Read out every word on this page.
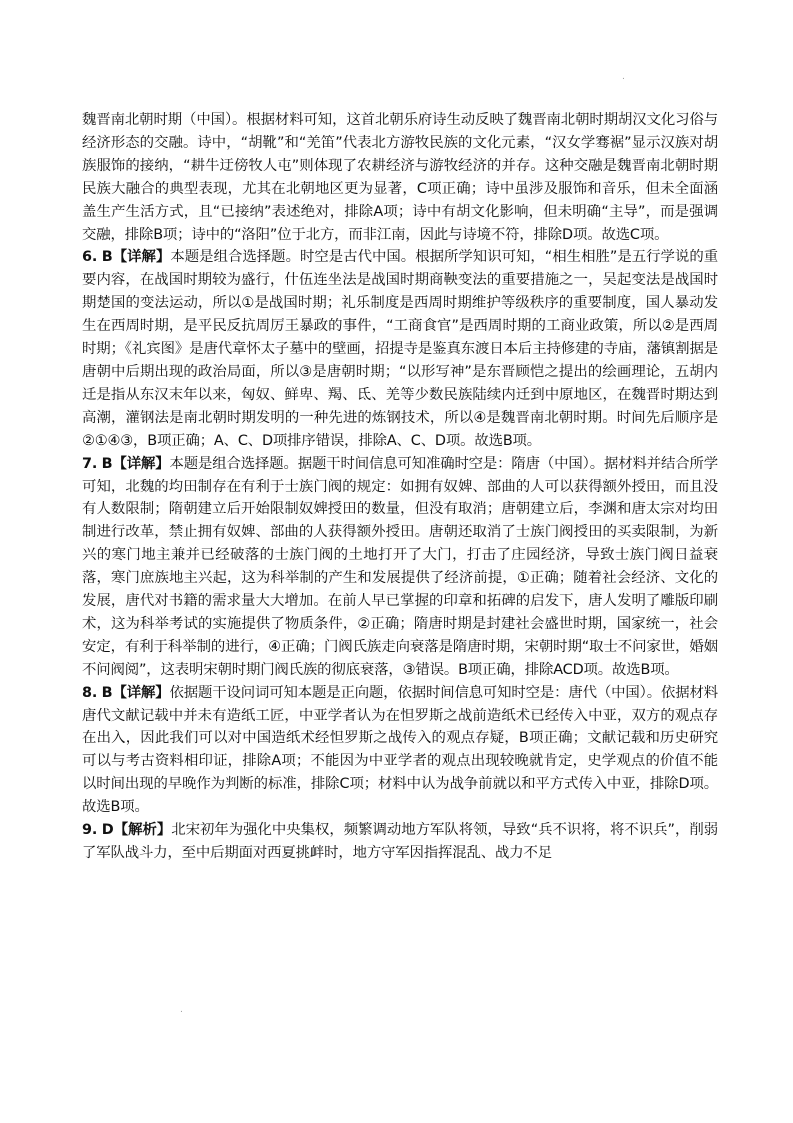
.
.

魏晋南北朝时期（中国）。根据材料可知，这首北朝乐府诗生动反映了魏晋南北朝时期胡汉文化习俗与经济形态的交融。诗中，“胡靴”和“羌笛”代表北方游牧民族的文化元素，“汉女学骞裾”显示汉族对胡族服饰的接纳，“耕牛迂傍牧人屯”则体现了农耕经济与游牧经济的并存。这种交融是魏晋南北朝时期民族大融合的典型表现，尤其在北朝地区更为显著，C项正确；诗中虽涉及服饰和音乐，但未全面涵盖生产生活方式，且“已接纳”表述绝对，排除A项；诗中有胡文化影响，但未明确“主导”，而是强调交融，排除B项；诗中的“洛阳”位于北方，而非江南，因此与诗境不符，排除D项。故选C项。

6. B【详解】本题是组合选择题。时空是古代中国。根据所学知识可知，“相生相胜”是五行学说的重要内容，在战国时期较为盛行，什伍连坐法是战国时期商鞅变法的重要措施之一，吴起变法是战国时期楚国的变法运动，所以①是战国时期；礼乐制度是西周时期维护等级秩序的重要制度，国人暴动发生在西周时期，是平民反抗周厉王暴政的事件，“工商食官”是西周时期的工商业政策，所以②是西周时期；《礼宾图》是唐代章怀太子墓中的壁画，招提寺是鉴真东渡日本后主持修建的寺庙，藩镇割据是唐朝中后期出现的政治局面，所以③是唐朝时期；“以形写神”是东晋顾恺之提出的绘画理论，五胡内迁是指从东汉末年以来，匈奴、鲜卑、羯、氐、羌等少数民族陆续内迁到中原地区，在魏晋时期达到高潮，灌钢法是南北朝时期发明的一种先进的炼钢技术，所以④是魏晋南北朝时期。时间先后顺序是②①④③，B项正确；A、C、D项排序错误，排除A、C、D项。故选B项。

7. B【详解】本题是组合选择题。据题干时间信息可知准确时空是：隋唐（中国）。据材料并结合所学可知，北魏的均田制存在有利于士族门阀的规定：如拥有奴婢、部曲的人可以获得额外授田，而且没有人数限制；隋朝建立后开始限制奴婢授田的数量，但没有取消；唐朝建立后，李渊和唐太宗对均田制进行改革，禁止拥有奴婢、部曲的人获得额外授田。唐朝还取消了士族门阀授田的买卖限制，为新兴的寒门地主兼并已经破落的士族门阀的土地打开了大门，打击了庄园经济，导致士族门阀日益衰落，寒门庶族地主兴起，这为科举制的产生和发展提供了经济前提，①正确；随着社会经济、文化的发展，唐代对书籍的需求量大大增加。在前人早已掌握的印章和拓碑的启发下，唐人发明了雕版印刷术，这为科举考试的实施提供了物质条件，②正确；隋唐时期是封建社会盛世时期，国家统一，社会安定，有利于科举制的进行，④正确；门阀氏族走向衰落是隋唐时期，宋朝时期“取士不问家世，婚姻不问阀阅”，这表明宋朝时期门阀氏族的彻底衰落，③错误。B项正确，排除ACD项。故选B项。

8. B【详解】依据题干设问词可知本题是正向题，依据时间信息可知时空是：唐代（中国）。依据材料唐代文献记载中并未有造纸工匠，中亚学者认为在怛罗斯之战前造纸术已经传入中亚，双方的观点存在出入，因此我们可以对中国造纸术经怛罗斯之战传入的观点存疑，B项正确；文献记载和历史研究可以与考古资料相印证，排除A项；不能因为中亚学者的观点出现较晚就肯定，史学观点的价值不能以时间出现的早晚作为判断的标准，排除C项；材料中认为战争前就以和平方式传入中亚，排除D项。故选B项。

9. D【解析】北宋初年为强化中央集权，频繁调动地方军队将领，导致“兵不识将，将不识兵”，削弱了军队战斗力，至中后期面对西夏挑衅时，地方守军因指挥混乱、战力不足
